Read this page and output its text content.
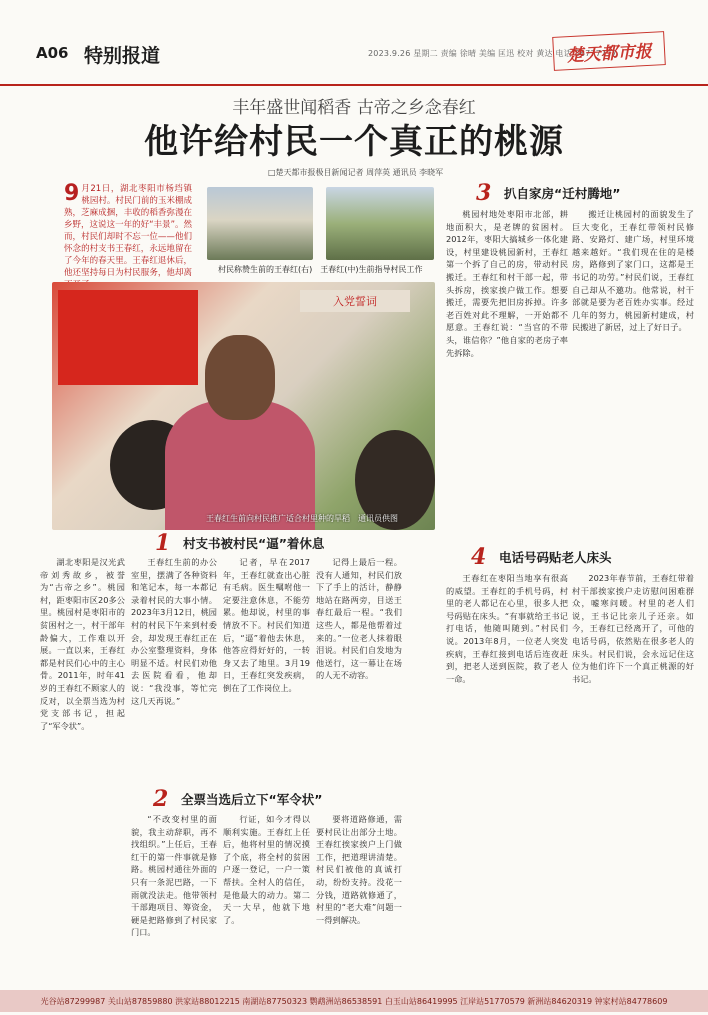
A06 特别报道	2023.9.26 星期二 责编 徐晴 美编 匡迅 校对 黄达 电话 86777777
楚天都市报
丰年盛世闻稻香 古帝之乡念春红
他许给村民一个真正的桃源
□楚天都市报极目新闻记者 周萍英 通讯员 李晓军
9 月21日，湖北枣阳市杨垱镇桃园村。村民门前的玉米棚成熟，芝麻成捆，丰收的稻香弥漫在乡野，这说这一年的好“丰景”。然而，村民们却时不忘一位——他们怀念的村支书王春红，永远地留在了今年的春天里。王春红退休后，他还坚持每日为村民服务，他却离	村民称赞生前的王春红(右)　王春红(中)生前指导村民工作
入党誓词
王春红生前向村民推广适合村里种的旱稻　通讯员供图
3	扒自家房“迁村腾地”

桃园村地处枣阳市北部，耕地面积大，是老牌的贫困村。2012年，枣阳大搞城乡一体化建设，村里建设桃园新村，王春红第一个拆了自己的房，带动村民搬迁。王春红和村干部一起，带头拆房，挨家挨户做工作。想要搬迁，需要先把旧房拆掉。许多老百姓对此不理解，一开始都不愿意。王春红说：“当官的不带头，谁信你？”他自家的老房子率先拆除。

搬迁让桃园村的面貌发生了巨大变化，王春红带领村民修路、安路灯、建广场，村里环境越来越好。“我们现在住的是楼房，路修到了家门口，这都是王书记的功劳。”村民们说，王春红自己却从不邀功。他常说，村干部就是要为老百姓办实事。经过几年的努力，桃园新村建成，村民搬进了新居，过上了好日子。

1	村支书被村民“逼”着休息

湖北枣阳是汉光武帝刘秀故乡，被誉为“古帝之乡”。桃园村，距枣阳市区20多公里。桃园村是枣阳市的贫困村之一，村干部年龄偏大，工作难以开展。一直以来，王春红都是村民们心中的主心骨。2011年，时年41岁的王春红不顾家人的反对，以全票当选为村党支部书记，担起了“军令状”。

王春红生前的办公室里，摆满了各种资料和笔记本，每一本都记录着村民的大事小情。2023年3月12日，桃园村的村民下午来到村委会，却发现王春红正在办公室整理资料，身体明显不适。村民们劝他去医院看看，他却说：“我没事，等忙完这几天再说。”

记者，早在2017年，王春红就查出心脏有毛病。医生嘱咐他一定要注意休息，不能劳累。他却说，村里的事情放不下。村民们知道后，“逼”着他去休息，他答应得好好的，一转身又去了地里。3月19日，王春红突发疾病，倒在了工作岗位上。

记得上最后一程。没有人通知，村民们放下了手上的活计，静静地站在路两旁，目送王春红最后一程。“我们这些人，都是他帮着过来的。”一位老人抹着眼泪说。村民们自发地为他送行，这一幕让在场的人无不动容。

2	全票当选后立下“军令状”

“不改变村里的面貌，我主动辞职，再不找组织。”上任后，王春红干的第一件事就是修路。桃园村通往外面的只有一条泥巴路，一下雨就没法走。他带领村干部跑项目、筹资金，硬是把路修到了村民家门口。

行证，如今才得以顺利实施。王春红上任后，他将村里的情况摸了个底，将全村的贫困户逐一登记，一户一策帮扶。全村人的信任，是他最大的动力。第二天一大早，他就下地了。

要将道路修通，需要村民让出部分土地。王春红挨家挨户上门做工作，把道理讲清楚。村民们被他的真诚打动，纷纷支持。没花一分钱，道路就修通了，村里的“老大难”问题一一得到解决。

4	电话号码贴老人床头

王春红在枣阳当地享有很高的威望。王春红的手机号码，村里的老人都记在心里，很多人把号码贴在床头。“有事就给王书记打电话，他随叫随到。”村民们说。2013年8月，一位老人突发疾病，王春红接到电话后连夜赶到，把老人送到医院，救了老人一命。

2023年春节前，王春红带着村干部挨家挨户走访慰问困难群众，嘘寒问暖。村里的老人们说，王书记比亲儿子还亲。如今，王春红已经离开了，可他的电话号码，依然贴在很多老人的床头。村民们说，会永远记住这位为他们许下一个真正桃源的好书记。

光谷站87299987 关山站87859880 洪家站88012215 南湖站87750323 鹦鹉洲站86538591 白玉山站86419995 江岸站51770579 新洲站84620319 钟家村站84778609
